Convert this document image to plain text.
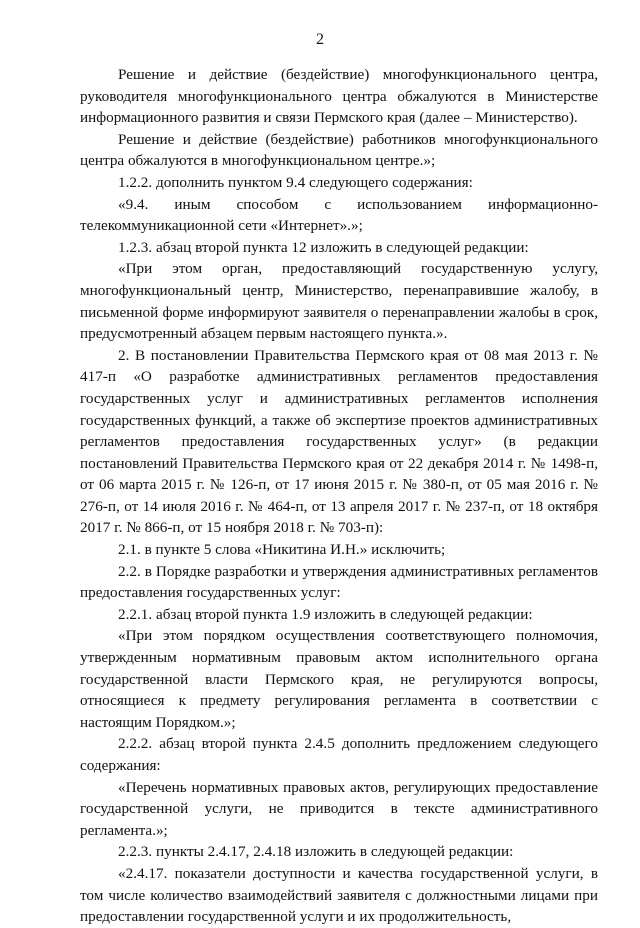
2

Решение и действие (бездействие) многофункционального центра, руководителя многофункционального центра обжалуются в Министерстве информационного развития и связи Пермского края (далее – Министерство).

Решение и действие (бездействие) работников многофункционального центра обжалуются в многофункциональном центре.»;

1.2.2. дополнить пунктом 9.4 следующего содержания:

«9.4. иным способом с использованием информационно-телекоммуникационной сети «Интернет».»;

1.2.3. абзац второй пункта 12 изложить в следующей редакции:

«При этом орган, предоставляющий государственную услугу, многофункциональный центр, Министерство, перенаправившие жалобу, в письменной форме информируют заявителя о перенаправлении жалобы в срок, предусмотренный абзацем первым настоящего пункта.».

2. В постановлении Правительства Пермского края от 08 мая 2013 г. № 417-п «О разработке административных регламентов предоставления государственных услуг и административных регламентов исполнения государственных функций, а также об экспертизе проектов административных регламентов предоставления государственных услуг» (в редакции постановлений Правительства Пермского края от 22 декабря 2014 г. № 1498-п, от 06 марта 2015 г. № 126-п, от 17 июня 2015 г. № 380-п, от 05 мая 2016 г. № 276-п, от 14 июля 2016 г. № 464-п, от 13 апреля 2017 г. № 237-п, от 18 октября 2017 г. № 866-п, от 15 ноября 2018 г. № 703-п):

2.1. в пункте 5 слова «Никитина И.Н.» исключить;

2.2. в Порядке разработки и утверждения административных регламентов предоставления государственных услуг:

2.2.1. абзац второй пункта 1.9 изложить в следующей редакции:

«При этом порядком осуществления соответствующего полномочия, утвержденным нормативным правовым актом исполнительного органа государственной власти Пермского края, не регулируются вопросы, относящиеся к предмету регулирования регламента в соответствии с настоящим Порядком.»;

2.2.2. абзац второй пункта 2.4.5 дополнить предложением следующего содержания:

«Перечень нормативных правовых актов, регулирующих предоставление государственной услуги, не приводится в тексте административного регламента.»;

2.2.3. пункты 2.4.17, 2.4.18 изложить в следующей редакции:

«2.4.17. показатели доступности и качества государственной услуги, в том числе количество взаимодействий заявителя с должностными лицами при предоставлении государственной услуги и их продолжительность,
